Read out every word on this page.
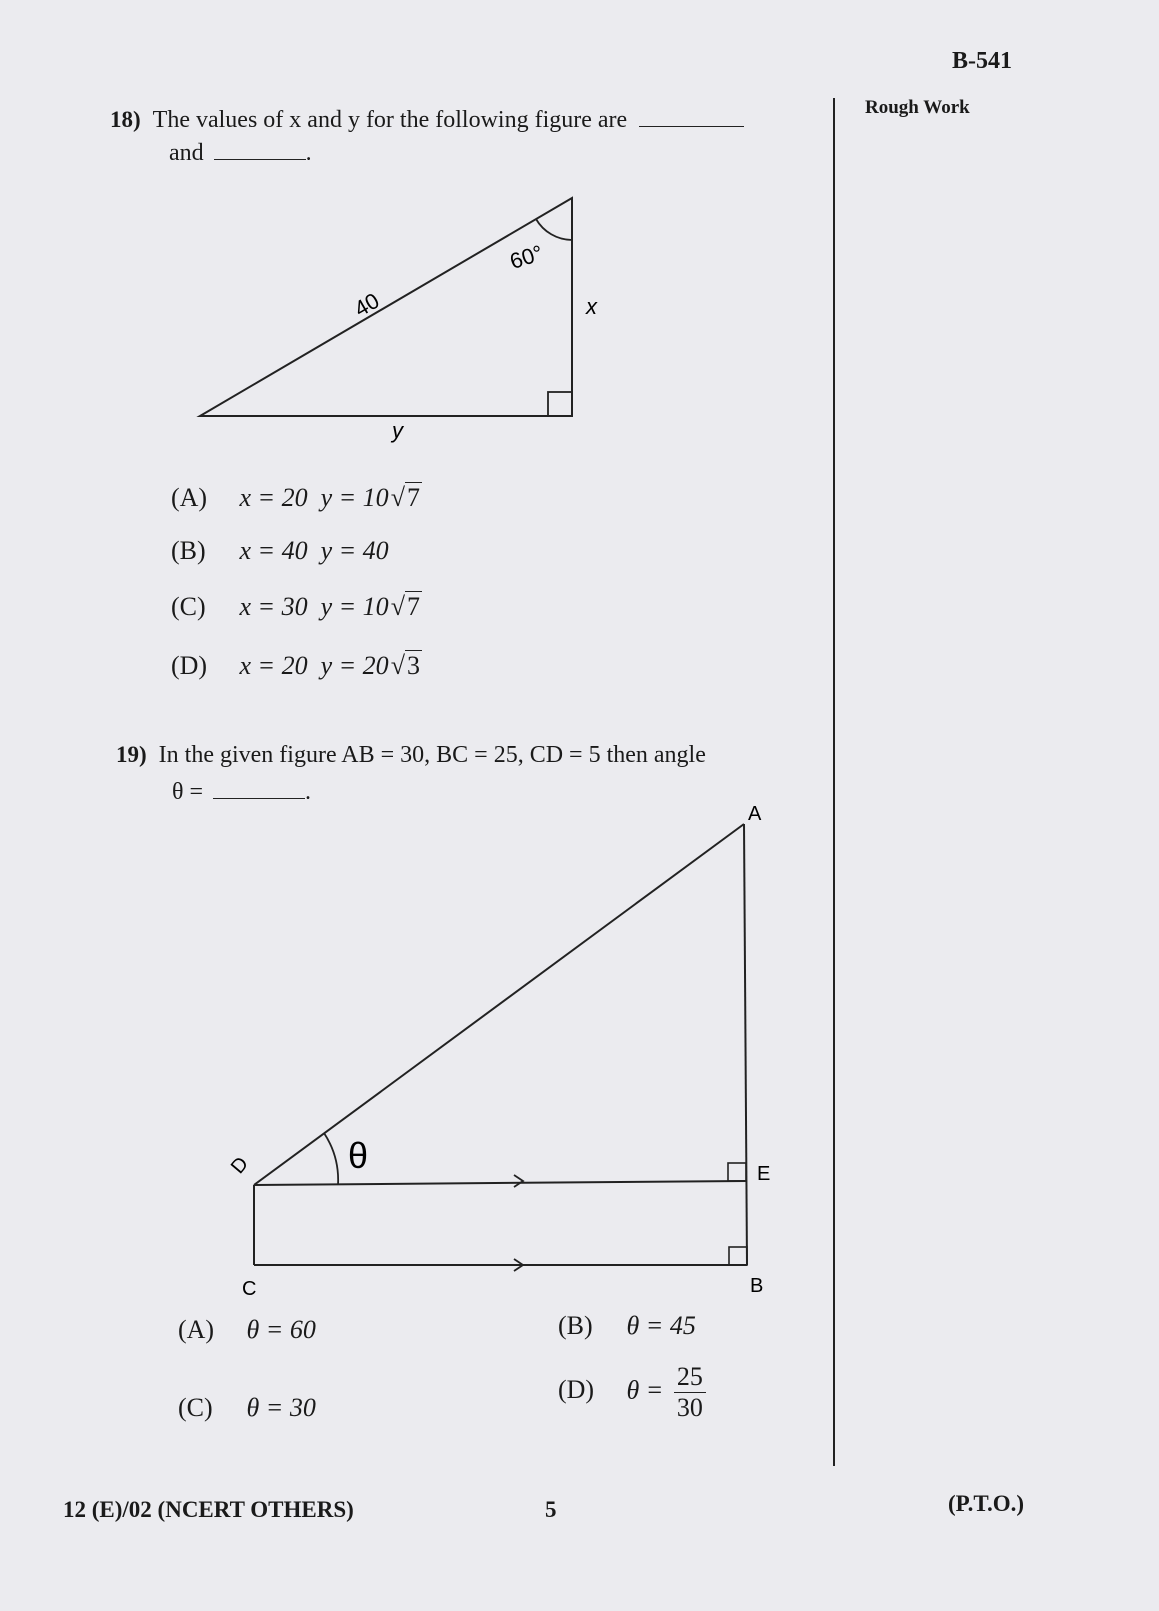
B-541
Rough Work
18) The values of x and y for the following figure are
and	.
40
60°
x
y
(A) x = 20 y = 10√7
(B) x = 40 y = 40
(C) x = 30 y = 10√7
(D) x = 20 y = 20√3
19) In the given figure AB = 30, BC = 25, CD = 5 then angle
θ =	.
θ
A
B
C
D	E
(A) θ = 60	(B) θ = 45
(C) θ = 30
(D) $\theta = \frac{25}{30}$
12 (E)/02 (NCERT OTHERS)	5	(P.T.O.)
